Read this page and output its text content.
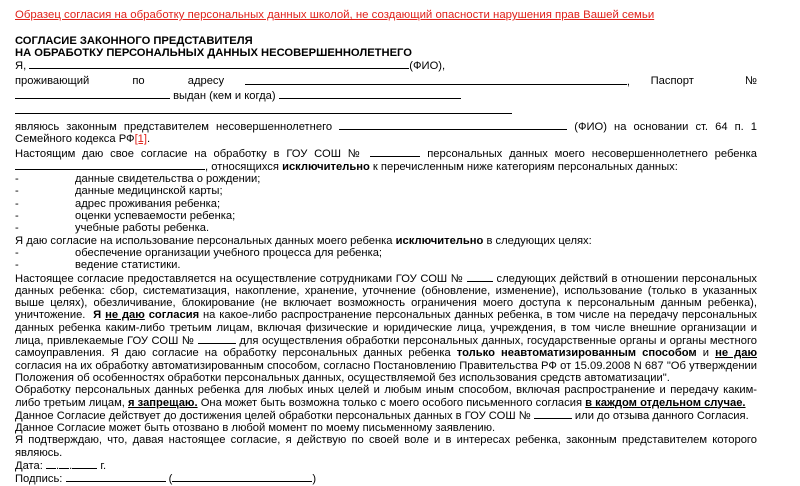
Образец согласия на обработку персональных данных школой, не создающий опасности нарушения прав Вашей семьи
СОГЛАСИЕ ЗАКОННОГО ПРЕДСТАВИТЕЛЯ
НА ОБРАБОТКУ ПЕРСОНАЛЬНЫХ ДАННЫХ НЕСОВЕРШЕННОЛЕТНЕГО
Я,	(ФИО),
проживающий по адресу	, Паспорт №
выдан (кем и когда)
являюсь законным представителем несовершеннолетнего	(ФИО) на основании ст. 64 п. 1
Семейного кодекса РФ[1].
Настоящим даю свое согласие на обработку в ГОУ СОШ №	персональных данных моего несовершеннолетнего ребенка , относящихся исключительно к перечисленным ниже категориям персональных данных:
-	данные свидетельства о рождении;
-	данные медицинской карты;
-	адрес проживания ребенка;
-	оценки успеваемости ребенка;
-	учебные работы ребенка.
Я даю согласие на использование персональных данных моего ребенка исключительно в следующих целях:
-	обеспечение организации учебного процесса для ребенка;
-	ведение статистики.
Настоящее согласие предоставляется на осуществление сотрудниками ГОУ СОШ №	следующих действий в отношении персональных данных ребенка: сбор, систематизация, накопление, хранение, уточнение (обновление, изменение), использование (только в указанных выше целях), обезличивание, блокирование (не включает возможность ограничения моего доступа к персональным данным ребенка), уничтожение. Я не даю согласия на какое-либо распространение персональных данных ребенка, в том числе на передачу персональных данных ребенка каким-либо третьим лицам, включая физические и юридические лица, учреждения, в том числе внешние организации и лица, привлекаемые ГОУ СОШ №	для осуществления обработки персональных данных, государственные органы и органы местного самоуправления. Я даю согласие на обработку персональных данных ребенка только неавтоматизированным способом и не даю согласия на их обработку автоматизированным способом, согласно Постановлению Правительства РФ от 15.09.2008 N 687 "Об утверждении Положения об особенностях обработки персональных данных, осуществляемой без использования средств автоматизации".
Обработку персональных данных ребенка для любых иных целей и любым иным способом, включая распространение и передачу каким-либо третьим лицам, я запрещаю. Она может быть возможна только с моего особого письменного согласия в каждом отдельном случае.
Данное Согласие действует до достижения целей обработки персональных данных в ГОУ СОШ №	или до отзыва данного Согласия.
Данное Согласие может быть отозвано в любой момент по моему письменному заявлению.
Я подтверждаю, что, давая настоящее согласие, я действую по своей воле и в интересах ребенка, законным представителем которого являюсь.
Дата: . .	г.
Подпись:	(	)
